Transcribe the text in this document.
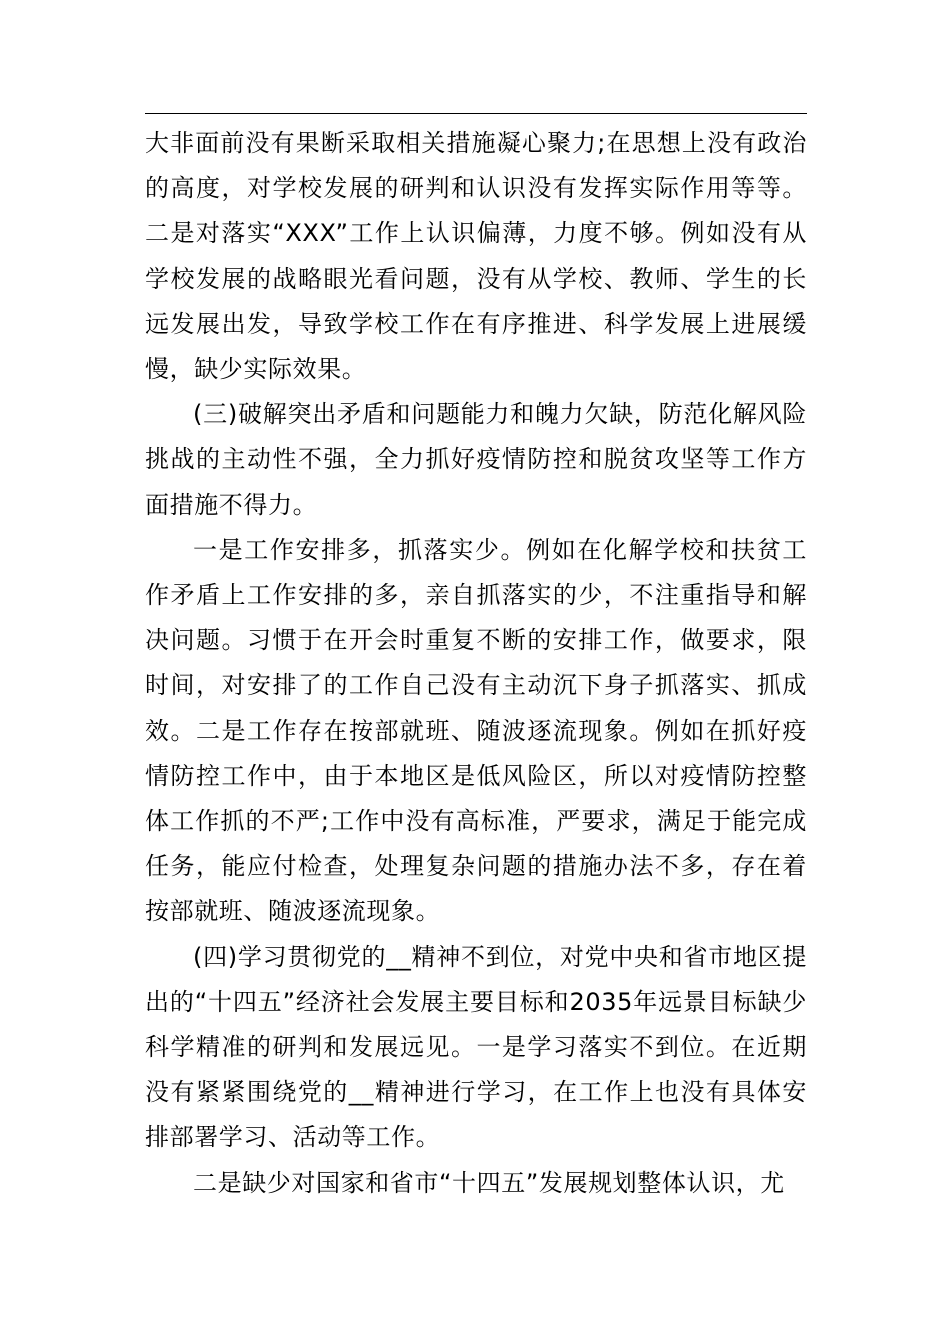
大非面前没有果断采取相关措施凝心聚力;在思想上没有政治的高度，对学校发展的研判和认识没有发挥实际作用等等。二是对落实“XXX”工作上认识偏薄，力度不够。例如没有从学校发展的战略眼光看问题，没有从学校、教师、学生的长远发展出发，导致学校工作在有序推进、科学发展上进展缓慢，缺少实际效果。

(三)破解突出矛盾和问题能力和魄力欠缺，防范化解风险挑战的主动性不强，全力抓好疫情防控和脱贫攻坚等工作方面措施不得力。

一是工作安排多，抓落实少。例如在化解学校和扶贫工作矛盾上工作安排的多，亲自抓落实的少，不注重指导和解决问题。习惯于在开会时重复不断的安排工作，做要求，限时间，对安排了的工作自己没有主动沉下身子抓落实、抓成效。二是工作存在按部就班、随波逐流现象。例如在抓好疫情防控工作中，由于本地区是低风险区，所以对疫情防控整体工作抓的不严;工作中没有高标准，严要求，满足于能完成任务，能应付检查，处理复杂问题的措施办法不多，存在着按部就班、随波逐流现象。

(四)学习贯彻党的__精神不到位，对党中央和省市地区提出的“十四五”经济社会发展主要目标和2035年远景目标缺少科学精准的研判和发展远见。一是学习落实不到位。在近期没有紧紧围绕党的__精神进行学习，在工作上也没有具体安排部署学习、活动等工作。

二是缺少对国家和省市“十四五”发展规划整体认识，尤
